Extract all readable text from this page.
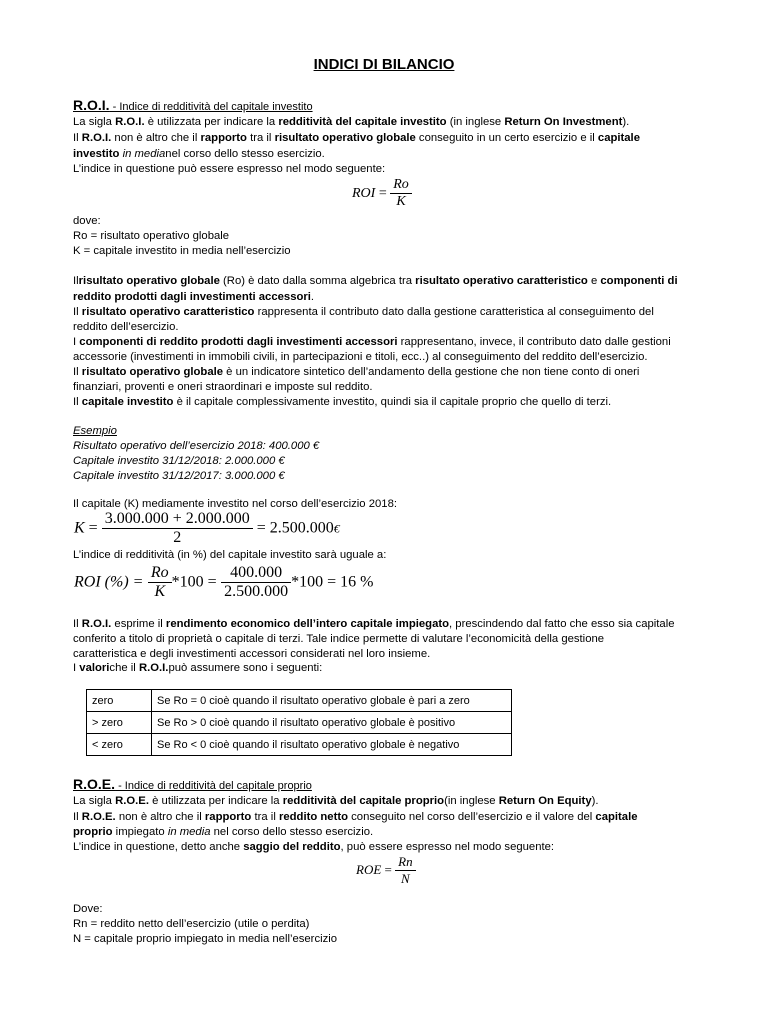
INDICI DI BILANCIO
R.O.I. - Indice di redditività del capitale investito
La sigla R.O.I. è utilizzata per indicare la redditività del capitale investito (in inglese Return On Investment).
Il R.O.I. non è altro che il rapporto tra il risultato operativo globale conseguito in un certo esercizio e il capitale
investito in medianel corso dello stesso esercizio.
L’indice in questione può essere espresso nel modo seguente:
ROI = $\frac{Ro}{K}$
dove:
Ro = risultato operativo globale
K = capitale investito in media nell’esercizio
Ilrisultato operativo globale (Ro) è dato dalla somma algebrica tra risultato operativo caratteristico e componenti di
reddito prodotti dagli investimenti accessori.
Il risultato operativo caratteristico rappresenta il contributo dato dalla gestione caratteristica al conseguimento del
reddito dell’esercizio.
I componenti di reddito prodotti dagli investimenti accessori rappresentano, invece, il contributo dato dalle gestioni
accessorie (investimenti in immobili civili, in partecipazioni e titoli, ecc..) al conseguimento del reddito dell’esercizio.
Il risultato operativo globale è un indicatore sintetico dell’andamento della gestione che non tiene conto di oneri
finanziari, proventi e oneri straordinari e imposte sul reddito.
Il capitale investito è il capitale complessivamente investito, quindi sia il capitale proprio che quello di terzi.
Esempio
Risultato operativo dell’esercizio 2018: 400.000 €
Capitale investito 31/12/2018: 2.000.000 €
Capitale investito 31/12/2017: 3.000.000 €
Il capitale (K) mediamente investito nel corso dell’esercizio 2018:
$K = \frac{3.000.000 + 2.000.000}{2}$ = 2.500.000€
L’indice di redditività (in %) del capitale investito sarà uguale a:
ROI (%) = $\frac{Ro}{K} *100 = \frac{400.000}{2.500.000} *100 = 16$ %
Il R.O.I. esprime il rendimento economico dell’intero capitale impiegato, prescindendo dal fatto che esso sia capitale
conferito a titolo di proprietà o capitale di terzi. Tale indice permette di valutare l’economicità della gestione
caratteristica e degli investimenti accessori considerati nel loro insieme.
I valoriche il R.O.I.può assumere sono i seguenti:
zero	Se Ro = 0 cioè quando il risultato operativo globale è pari a zero
> zero	Se Ro > 0 cioè quando il risultato operativo globale è positivo
< zero	Se Ro < 0 cioè quando il risultato operativo globale è negativo
R.O.E. - Indice di redditività del capitale proprio
La sigla R.O.E. è utilizzata per indicare la redditività del capitale proprio(in inglese Return On Equity).
Il R.O.E. non è altro che il rapporto tra il reddito netto conseguito nel corso dell’esercizio e il valore del capitale
proprio impiegato in media nel corso dello stesso esercizio.
L’indice in questione, detto anche saggio del reddito, può essere espresso nel modo seguente:
ROE = $\frac{Rn}{N}$
Dove:
Rn = reddito netto dell’esercizio (utile o perdita)
N = capitale proprio impiegato in media nell’esercizio
